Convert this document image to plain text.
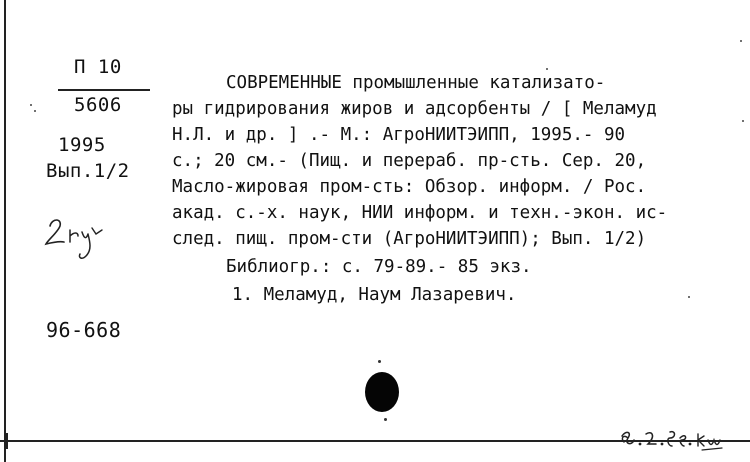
П 10
5606
1995
Вып.1/2
96-668
СОВРЕМЕННЫЕ промышленные катализато-
ры гидрирования жиров и адсорбенты / [ Меламуд
Н.Л. и др. ] .- М.: АгроНИИТЭИПП, 1995.- 90
с.; 20 см.- (Пищ. и перераб. пр-сть. Сер. 20,
Масло-жировая пром-сть: Обзор. информ. / Рос.
акад. с.-х. наук, НИИ информ. и техн.-экон. ис-
след. пищ. пром-сти (АгроНИИТЭИПП); Вып. 1/2)
Библиогр.: с. 79-89.- 85 экз.
1. Меламуд, Наум Лазаревич.
